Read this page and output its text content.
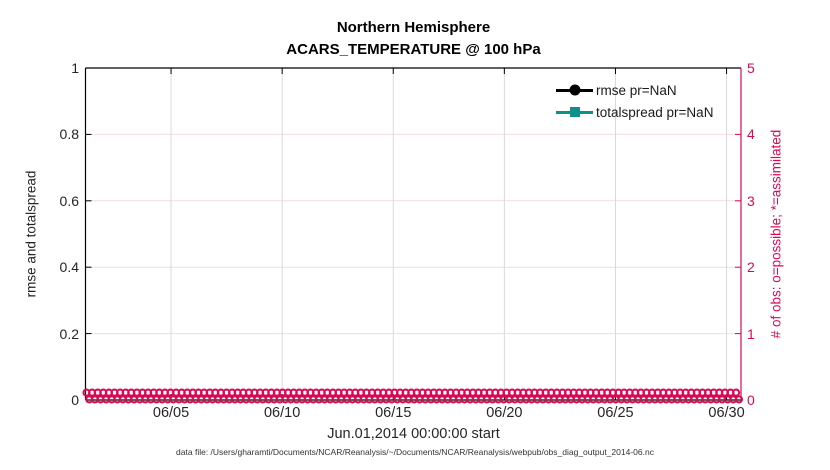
Northern Hemisphere
ACARS_TEMPERATURE @ 100 hPa
rmse and totalspread	# of obs: o=possible; *=assimilated
0
0.2
0.4
0.6
0.8
1
0
1
2
3
4
5
06/05	06/10	06/15	06/20	06/25	06/30
rmse pr=NaN
totalspread pr=NaN
Jun.01,2014 00:00:00 start
data file: /Users/gharamti/Documents/NCAR/Reanalysis/~/Documents/NCAR/Reanalysis/webpub/obs_diag_output_2014-06.nc
